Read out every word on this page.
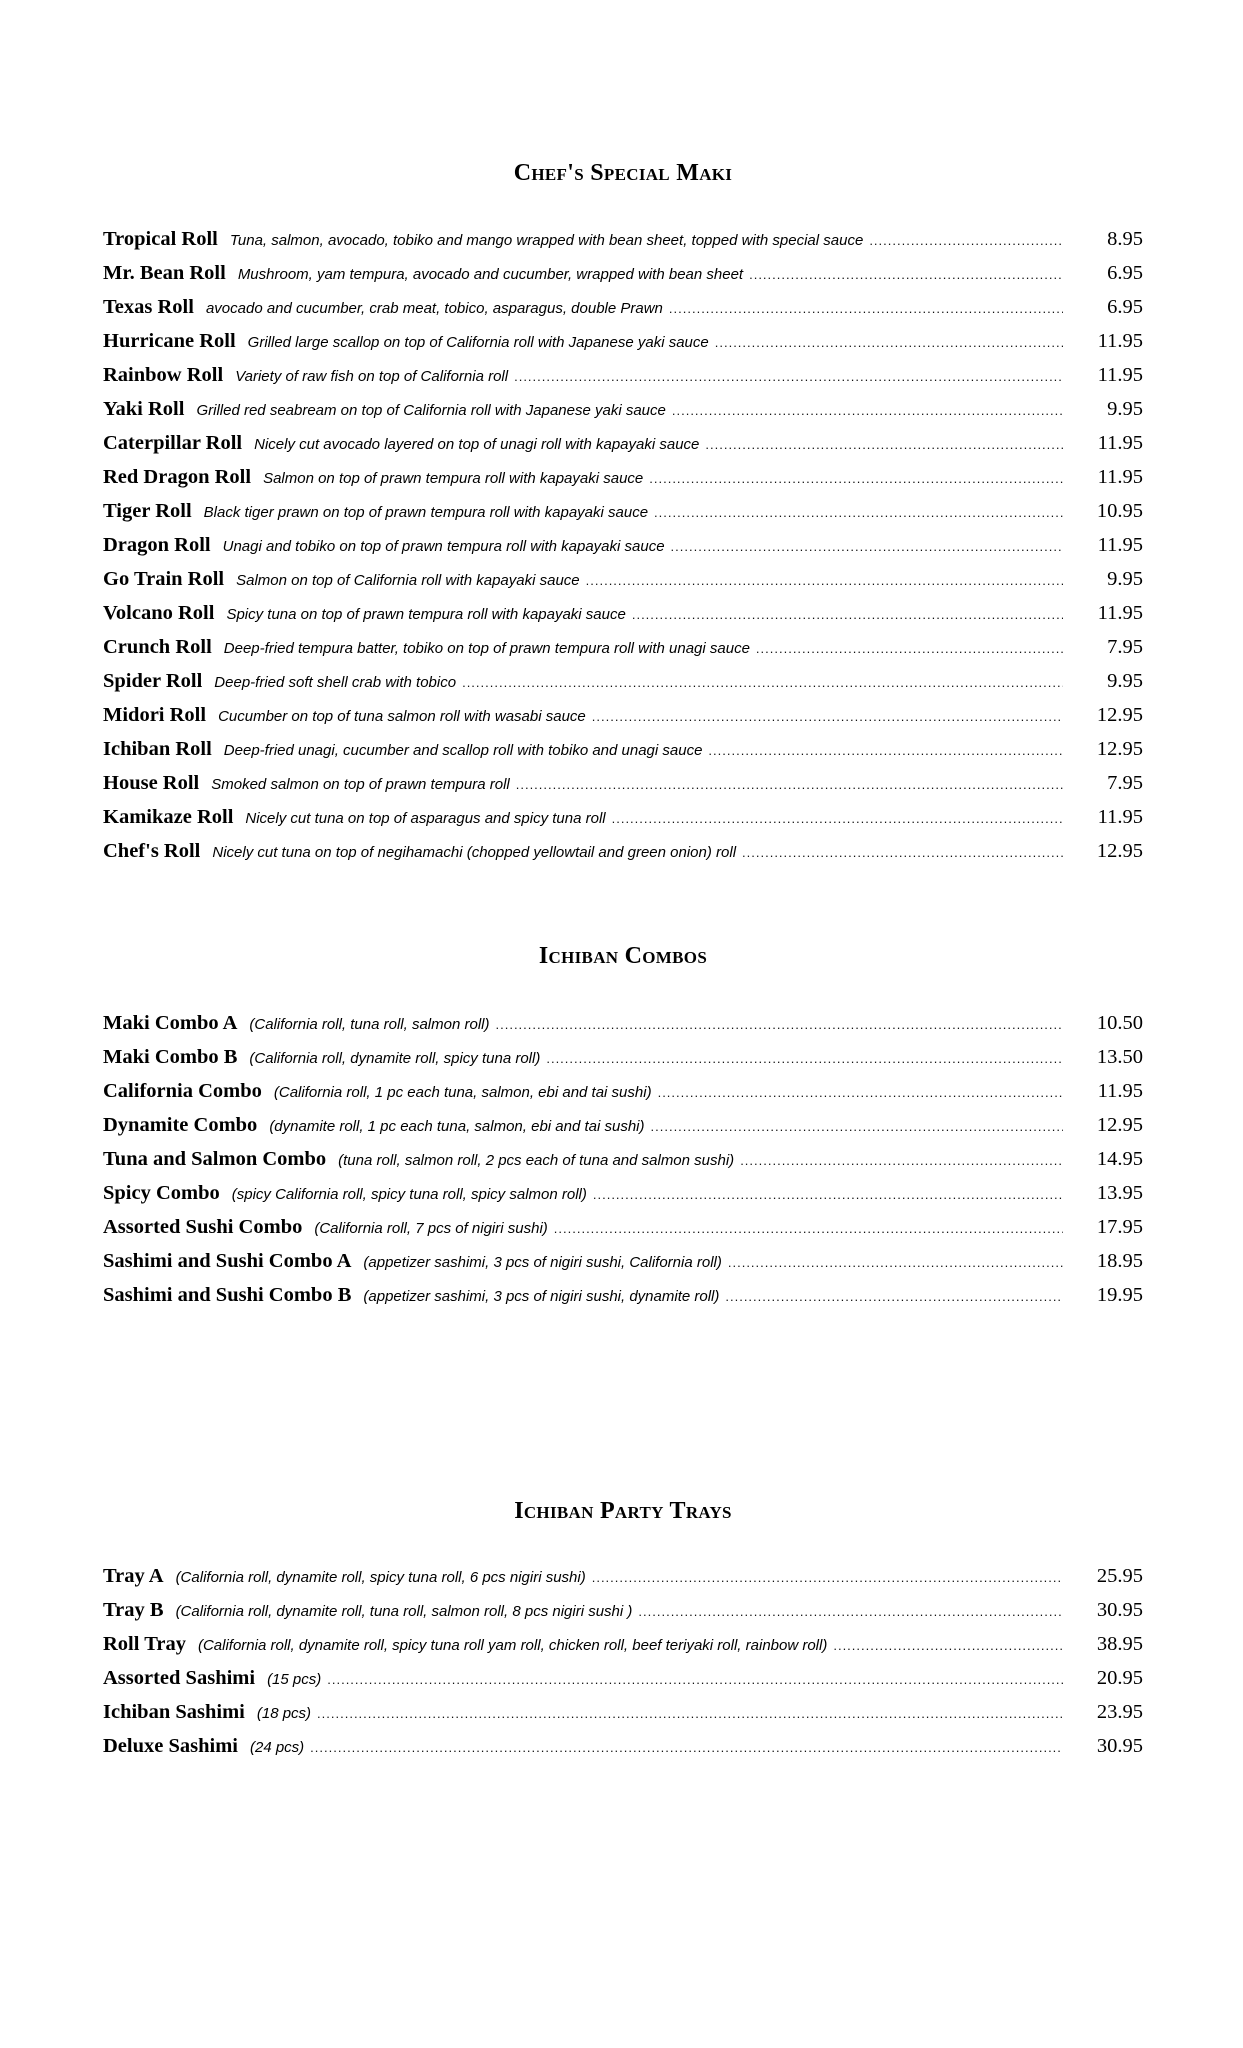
Chef's Special Maki
Tropical Roll Tuna, salmon, avocado, tobiko and mango wrapped with bean sheet, topped with special sauce .....	8.95
Mr. Bean Roll Mushroom, yam tempura, avocado and cucumber, wrapped with bean sheet .....	6.95
Texas Roll avocado and cucumber, crab meat, tobico, asparagus, double Prawn .....	6.95
Hurricane Roll Grilled large scallop on top of California roll with Japanese yaki sauce .....	11.95
Rainbow Roll Variety of raw fish on top of California roll .....	11.95
Yaki Roll Grilled red seabream on top of California roll with Japanese yaki sauce .....	9.95
Caterpillar Roll Nicely cut avocado layered on top of unagi roll with kapayaki sauce .....	11.95
Red Dragon Roll Salmon on top of prawn tempura roll with kapayaki sauce .....	11.95
Tiger Roll Black tiger prawn on top of prawn tempura roll with kapayaki sauce .....	10.95
Dragon Roll Unagi and tobiko on top of prawn tempura roll with kapayaki sauce .....	11.95
Go Train Roll Salmon on top of California roll with kapayaki sauce .....	9.95
Volcano Roll Spicy tuna on top of prawn tempura roll with kapayaki sauce .....	11.95
Crunch Roll Deep-fried tempura batter, tobiko on top of prawn tempura roll with unagi sauce .....	7.95
Spider Roll Deep-fried soft shell crab with tobico .....	9.95
Midori Roll Cucumber on top of tuna salmon roll with wasabi sauce .....	12.95
Ichiban Roll Deep-fried unagi, cucumber and scallop roll with tobiko and unagi sauce .....	12.95
House Roll Smoked salmon on top of prawn tempura roll .....	7.95
Kamikaze Roll Nicely cut tuna on top of asparagus and spicy tuna roll .....	11.95
Chef's Roll Nicely cut tuna on top of negihamachi (chopped yellowtail and green onion) roll .....	12.95
Ichiban Combos
Maki Combo A (California roll, tuna roll, salmon roll) .....	10.50
Maki Combo B (California roll, dynamite roll, spicy tuna roll) .....	13.50
California Combo (California roll, 1 pc each tuna, salmon, ebi and tai sushi) .....	11.95
Dynamite Combo (dynamite roll, 1 pc each tuna, salmon, ebi and tai sushi) .....	12.95
Tuna and Salmon Combo (tuna roll, salmon roll, 2 pcs each of tuna and salmon sushi) .....	14.95
Spicy Combo (spicy California roll, spicy tuna roll, spicy salmon roll) .....	13.95
Assorted Sushi Combo (California roll, 7 pcs of nigiri sushi) .....	17.95
Sashimi and Sushi Combo A (appetizer sashimi, 3 pcs of nigiri sushi, California roll) .....	18.95
Sashimi and Sushi Combo B (appetizer sashimi, 3 pcs of nigiri sushi, dynamite roll) .....	19.95
Ichiban Party Trays
Tray A (California roll, dynamite roll, spicy tuna roll, 6 pcs nigiri sushi) .....	25.95
Tray B (California roll, dynamite roll, tuna roll, salmon roll, 8 pcs nigiri sushi ) .....	30.95
Roll Tray (California roll, dynamite roll, spicy tuna roll yam roll, chicken roll, beef teriyaki roll, rainbow roll) .....	38.95
Assorted Sashimi (15 pcs) .....	20.95
Ichiban Sashimi (18 pcs) .....	23.95
Deluxe Sashimi (24 pcs) .....	30.95
